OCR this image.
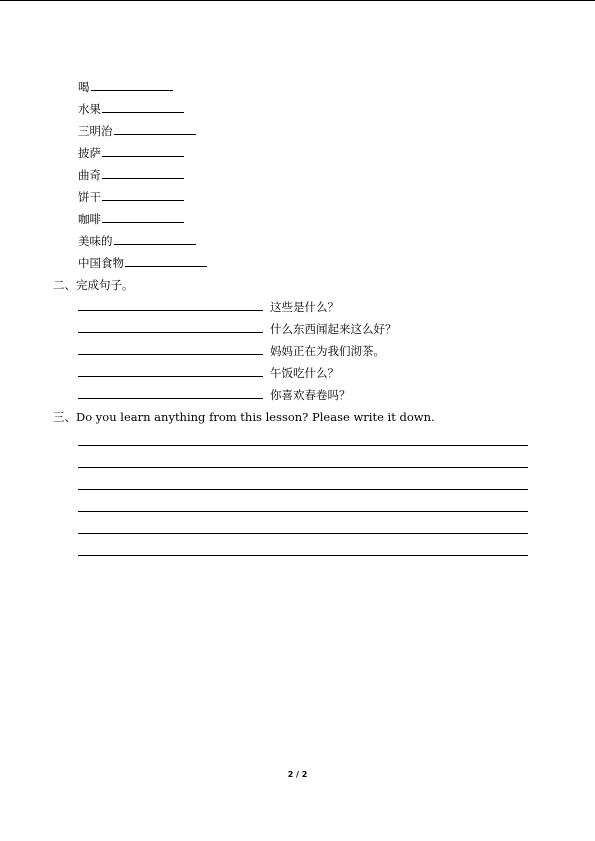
喝
水果
三明治
披萨
曲奇
饼干
咖啡
美味的
中国食物
二、完成句子。
这些是什么？
什么东西闻起来这么好？
妈妈正在为我们沏茶。
午饭吃什么？
你喜欢春卷吗？
三、Do you learn anything from this lesson? Please write it down.
2 / 2
